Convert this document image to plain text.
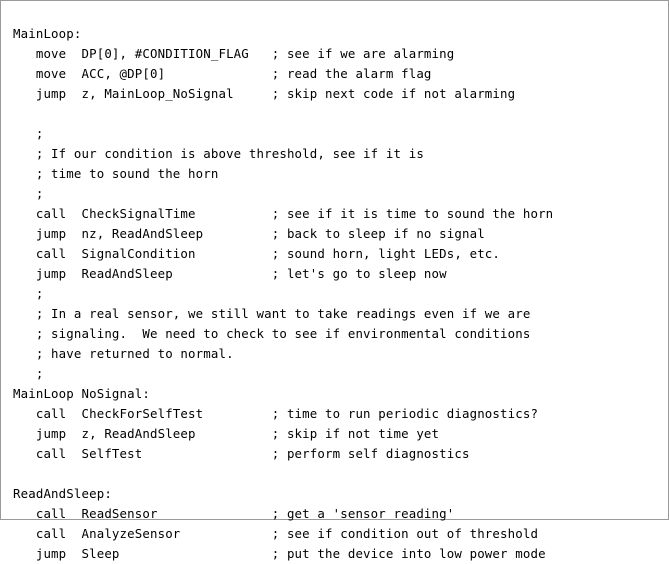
MainLoop:
move  DP[0], #CONDITION_FLAG   ; see if we are alarming
move  ACC, @DP[0]              ; read the alarm flag
jump  z, MainLoop_NoSignal     ; skip next code if not alarming

;
; If our condition is above threshold, see if it is
; time to sound the horn
;
call  CheckSignalTime          ; see if it is time to sound the horn
jump  nz, ReadAndSleep         ; back to sleep if no signal
call  SignalCondition          ; sound horn, light LEDs, etc.
jump  ReadAndSleep             ; let's go to sleep now
;
; In a real sensor, we still want to take readings even if we are
; signaling.  We need to check to see if environmental conditions
; have returned to normal.
;
MainLoop NoSignal:
call  CheckForSelfTest         ; time to run periodic diagnostics?
jump  z, ReadAndSleep          ; skip if not time yet
call  SelfTest                 ; perform self diagnostics

ReadAndSleep:
call  ReadSensor               ; get a 'sensor reading'
call  AnalyzeSensor            ; see if condition out of threshold
jump  Sleep                    ; put the device into low power mode
